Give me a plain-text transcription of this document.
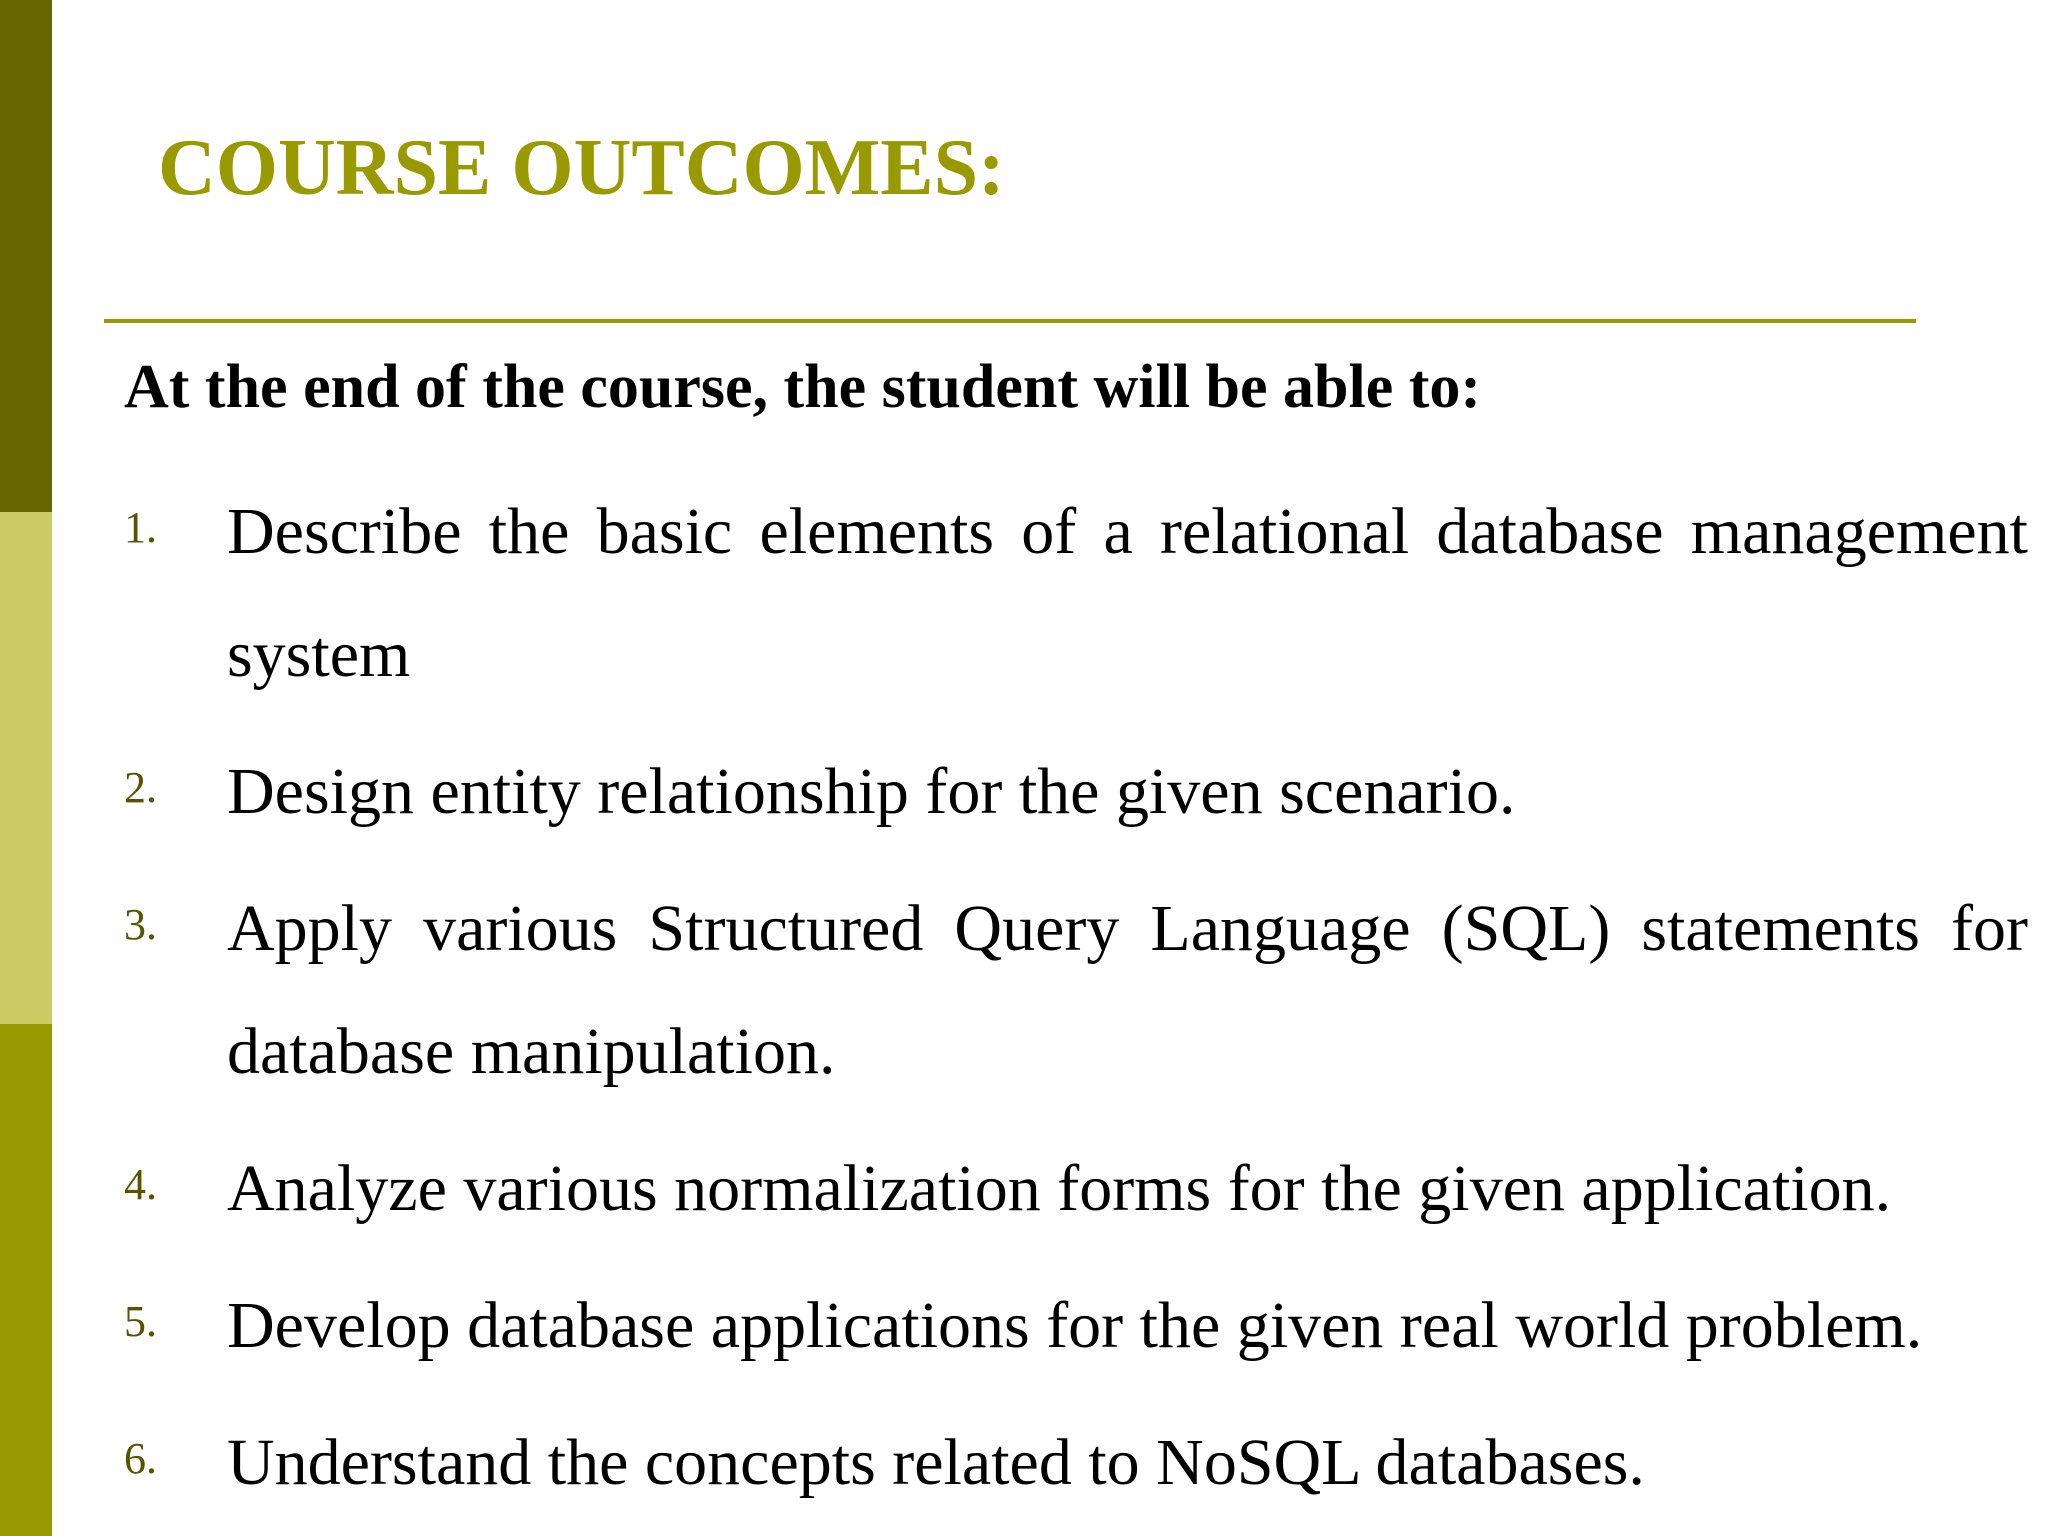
COURSE OUTCOMES:

At the end of the course, the student will be able to:

1. Describe the basic elements of a relational database management system
2. Design entity relationship for the given scenario.
3. Apply various Structured Query Language (SQL) statements for database manipulation.
4. Analyze various normalization forms for the given application.
5. Develop database applications for the given real world problem.
6. Understand the concepts related to NoSQL databases.
